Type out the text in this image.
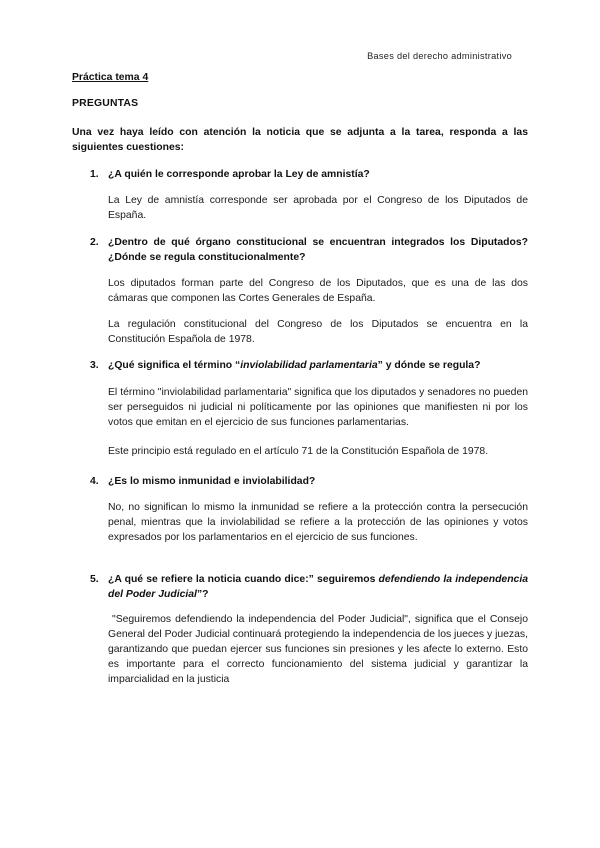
Bases del derecho administrativo
Práctica tema 4
PREGUNTAS
Una vez haya leído con atención la noticia que se adjunta a la tarea, responda a las siguientes cuestiones:
1. ¿A quién le corresponde aprobar la Ley de amnistía?
La Ley de amnistía corresponde ser aprobada por el Congreso de los Diputados de España.
2. ¿Dentro de qué órgano constitucional se encuentran integrados los Diputados? ¿Dónde se regula constitucionalmente?
Los diputados forman parte del Congreso de los Diputados, que es una de las dos cámaras que componen las Cortes Generales de España.
La regulación constitucional del Congreso de los Diputados se encuentra en la Constitución Española de 1978.
3. ¿Qué significa el término “inviolabilidad parlamentaria” y dónde se regula?
El término "inviolabilidad parlamentaria" significa que los diputados y senadores no pueden ser perseguidos ni judicial ni políticamente por las opiniones que manifiesten ni por los votos que emitan en el ejercicio de sus funciones parlamentarias.
Este principio está regulado en el artículo 71 de la Constitución Española de 1978.
4. ¿Es lo mismo inmunidad e inviolabilidad?
No, no significan lo mismo la inmunidad se refiere a la protección contra la persecución penal, mientras que la inviolabilidad se refiere a la protección de las opiniones y votos expresados por los parlamentarios en el ejercicio de sus funciones.
5. ¿A qué se refiere la noticia cuando dice:” seguiremos defendiendo la independencia del Poder Judicial”?
"Seguiremos defendiendo la independencia del Poder Judicial", significa que el Consejo General del Poder Judicial continuará protegiendo la independencia de los jueces y juezas, garantizando que puedan ejercer sus funciones sin presiones y les afecte lo externo. Esto es importante para el correcto funcionamiento del sistema judicial y garantizar la imparcialidad en la justicia
